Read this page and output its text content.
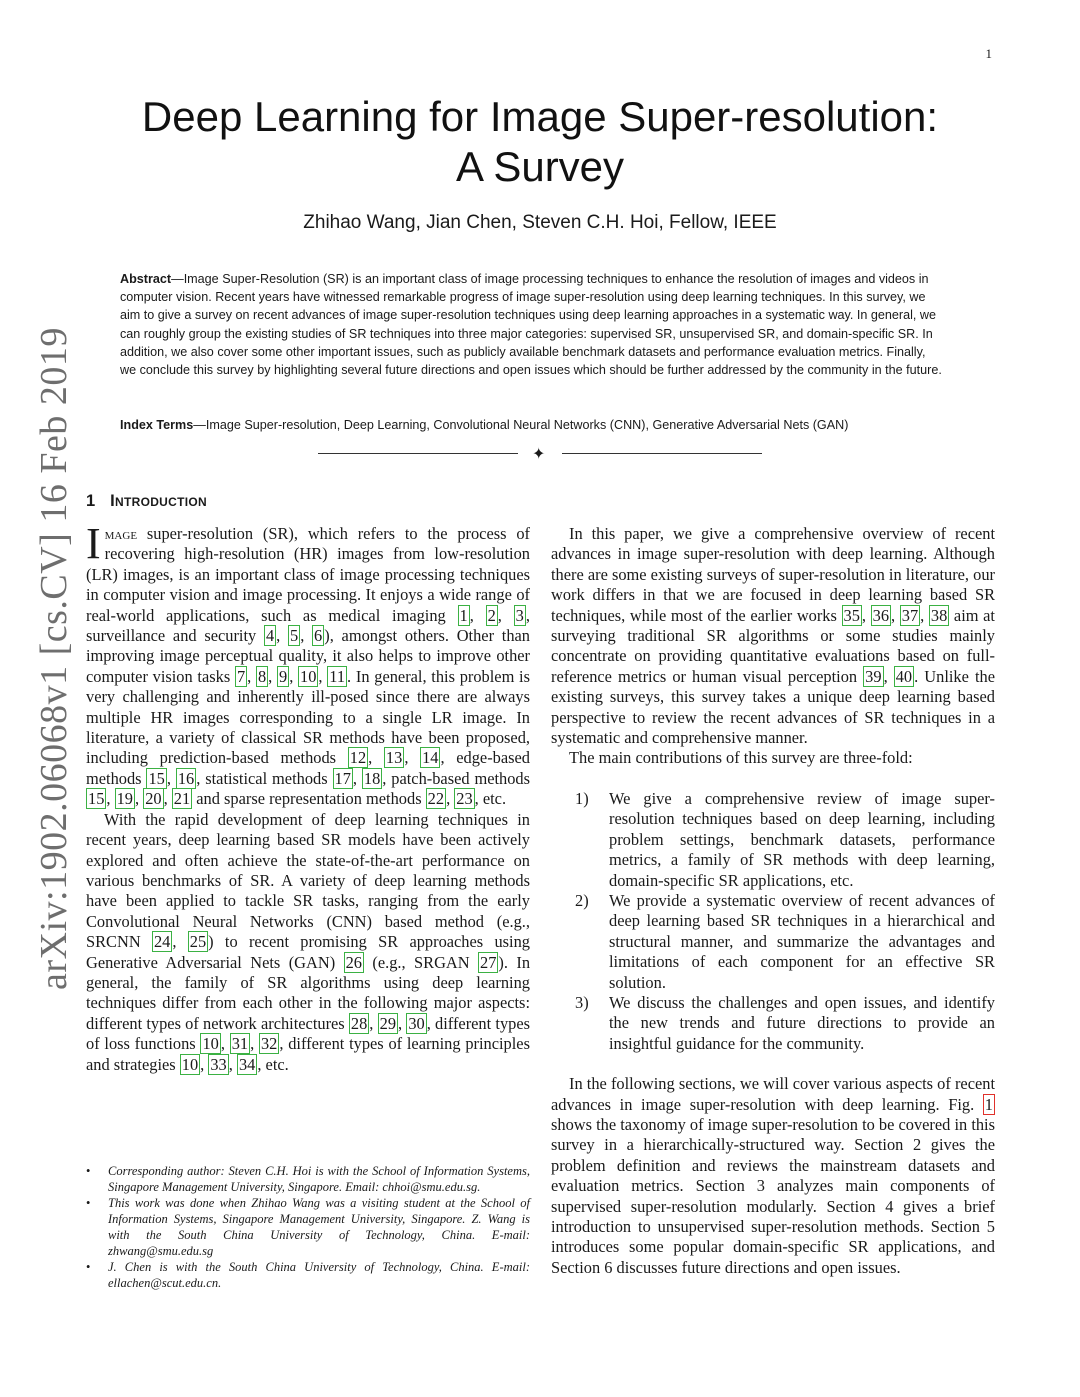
1
arXiv:1902.06068v1 [cs.CV] 16 Feb 2019
Deep Learning for Image Super-resolution:
A Survey
Zhihao Wang, Jian Chen, Steven C.H. Hoi, Fellow, IEEE
Abstract—Image Super-Resolution (SR) is an important class of image processing techniques to enhance the resolution of images and videos in computer vision. Recent years have witnessed remarkable progress of image super-resolution using deep learning techniques. In this survey, we aim to give a survey on recent advances of image super-resolution techniques using deep learning approaches in a systematic way. In general, we can roughly group the existing studies of SR techniques into three major categories: supervised SR, unsupervised SR, and domain-specific SR. In addition, we also cover some other important issues, such as publicly available benchmark datasets and performance evaluation metrics. Finally, we conclude this survey by highlighting several future directions and open issues which should be further addressed by the community in the future.
Index Terms—Image Super-resolution, Deep Learning, Convolutional Neural Networks (CNN), Generative Adversarial Nets (GAN)
✦
1 Introduction

Image super-resolution (SR), which refers to the process of recovering high-resolution (HR) images from low-resolution (LR) images, is an important class of image processing techniques in computer vision and image processing. It enjoys a wide range of real-world applications, such as medical imaging 1 , 2 , 3 , surveillance and security 4 , 5 , 6 ), amongst others. Other than improving image perceptual quality, it also helps to improve other computer vision tasks 7 , 8 , 9 , 10 , 11 . In general, this problem is very challenging and inherently ill-posed since there are always multiple HR images corresponding to a single LR image. In literature, a variety of classical SR methods have been proposed, including prediction-based methods 12 , 13 , 14 , edge-based methods 15 , 16 , statistical methods 17 , 18 , patch-based methods 15 , 19 , 20 , 21 and sparse representation methods 22 , 23 , etc.

With the rapid development of deep learning techniques in recent years, deep learning based SR models have been actively explored and often achieve the state-of-the-art performance on various benchmarks of SR. A variety of deep learning methods have been applied to tackle SR tasks, ranging from the early Convolutional Neural Networks (CNN) based method (e.g., SRCNN 24 , 25 ) to recent promising SR approaches using Generative Adversarial Nets (GAN) 26 (e.g., SRGAN 27 ). In general, the family of SR algorithms using deep learning techniques differ from each other in the following major aspects: different types of network architectures 28 , 29 , 30 , different types of loss functions 10 , 31 , 32 , different types of learning principles and strategies 10 , 33 , 34 , etc.

• Corresponding author: Steven C.H. Hoi is with the School of Information Systems, Singapore Management University, Singapore. Email: chhoi@smu.edu.sg.
• This work was done when Zhihao Wang was a visiting student at the School of Information Systems, Singapore Management University, Singapore. Z. Wang is with the South China University of Technology, China. E-mail: zhwang@smu.edu.sg
• J. Chen is with the South China University of Technology, China. E-mail: ellachen@scut.edu.cn.

In this paper, we give a comprehensive overview of recent advances in image super-resolution with deep learning. Although there are some existing surveys of super-resolution in literature, our work differs in that we are focused in deep learning based SR techniques, while most of the earlier works 35 , 36 , 37 , 38 aim at surveying traditional SR algorithms or some studies mainly concentrate on providing quantitative evaluations based on full-reference metrics or human visual perception 39 , 40 . Unlike the existing surveys, this survey takes a unique deep learning based perspective to review the recent advances of SR techniques in a systematic and comprehensive manner.

The main contributions of this survey are three-fold:

1) We give a comprehensive review of image super-resolution techniques based on deep learning, including problem settings, benchmark datasets, performance metrics, a family of SR methods with deep learning, domain-specific SR applications, etc.
2) We provide a systematic overview of recent advances of deep learning based SR techniques in a hierarchical and structural manner, and summarize the advantages and limitations of each component for an effective SR solution.
3) We discuss the challenges and open issues, and identify the new trends and future directions to provide an insightful guidance for the community.

In the following sections, we will cover various aspects of recent advances in image super-resolution with deep learning. Fig. 1 shows the taxonomy of image super-resolution to be covered in this survey in a hierarchically-structured way. Section 2 gives the problem definition and reviews the mainstream datasets and evaluation metrics. Section 3 analyzes main components of supervised super-resolution modularly. Section 4 gives a brief introduction to unsupervised super-resolution methods. Section 5 introduces some popular domain-specific SR applications, and Section 6 discusses future directions and open issues.
